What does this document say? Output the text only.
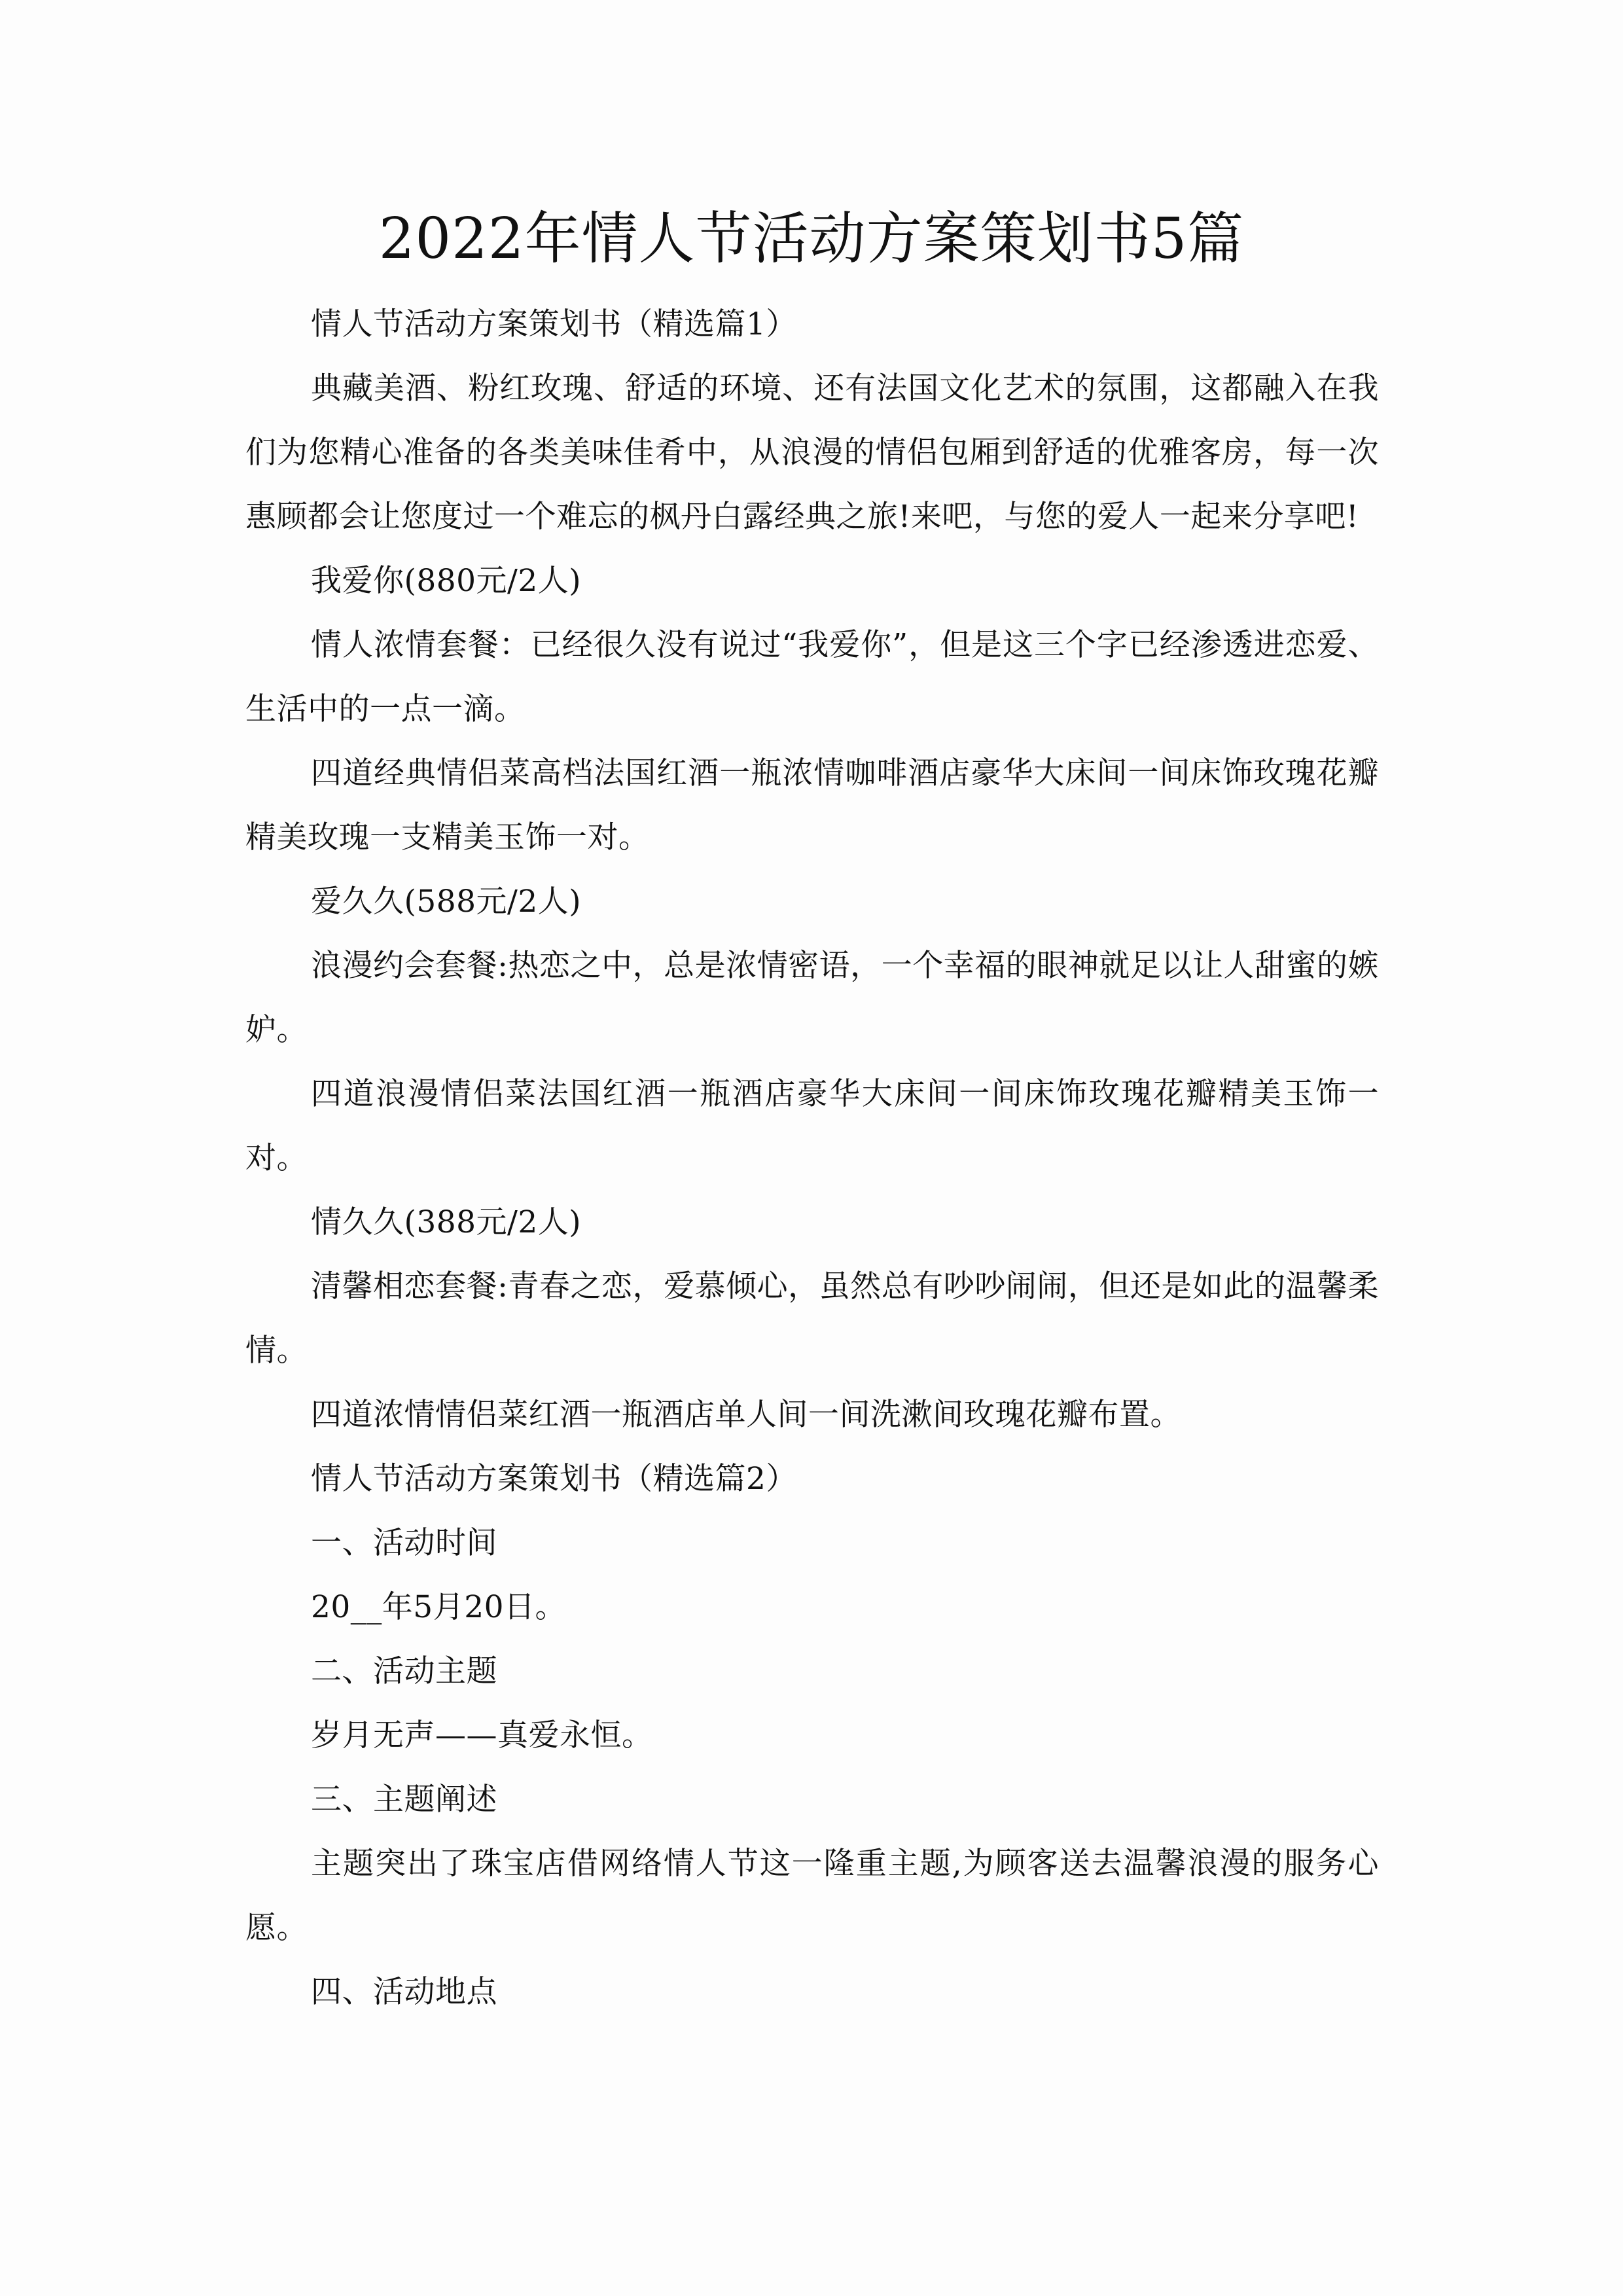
2022年情人节活动方案策划书5篇

情人节活动方案策划书（精选篇1）

典藏美酒、粉红玫瑰、舒适的环境、还有法国文化艺术的氛围，这都融入在我们为您精心准备的各类美味佳肴中，从浪漫的情侣包厢到舒适的优雅客房，每一次惠顾都会让您度过一个难忘的枫丹白露经典之旅!来吧，与您的爱人一起来分享吧!

我爱你(880元/2人)

情人浓情套餐：已经很久没有说过“我爱你”，但是这三个字已经渗透进恋爱、生活中的一点一滴。

四道经典情侣菜高档法国红酒一瓶浓情咖啡酒店豪华大床间一间床饰玫瑰花瓣精美玫瑰一支精美玉饰一对。

爱久久(588元/2人)

浪漫约会套餐:热恋之中，总是浓情密语，一个幸福的眼神就足以让人甜蜜的嫉妒。

四道浪漫情侣菜法国红酒一瓶酒店豪华大床间一间床饰玫瑰花瓣精美玉饰一对。

情久久(388元/2人)

清馨相恋套餐:青春之恋，爱慕倾心，虽然总有吵吵闹闹，但还是如此的温馨柔情。

四道浓情情侣菜红酒一瓶酒店单人间一间洗漱间玫瑰花瓣布置。

情人节活动方案策划书（精选篇2）

一、活动时间

20__年5月20日。

二、活动主题

岁月无声——真爱永恒。

三、主题阐述

主题突出了珠宝店借网络情人节这一隆重主题,为顾客送去温馨浪漫的服务心愿。

四、活动地点
